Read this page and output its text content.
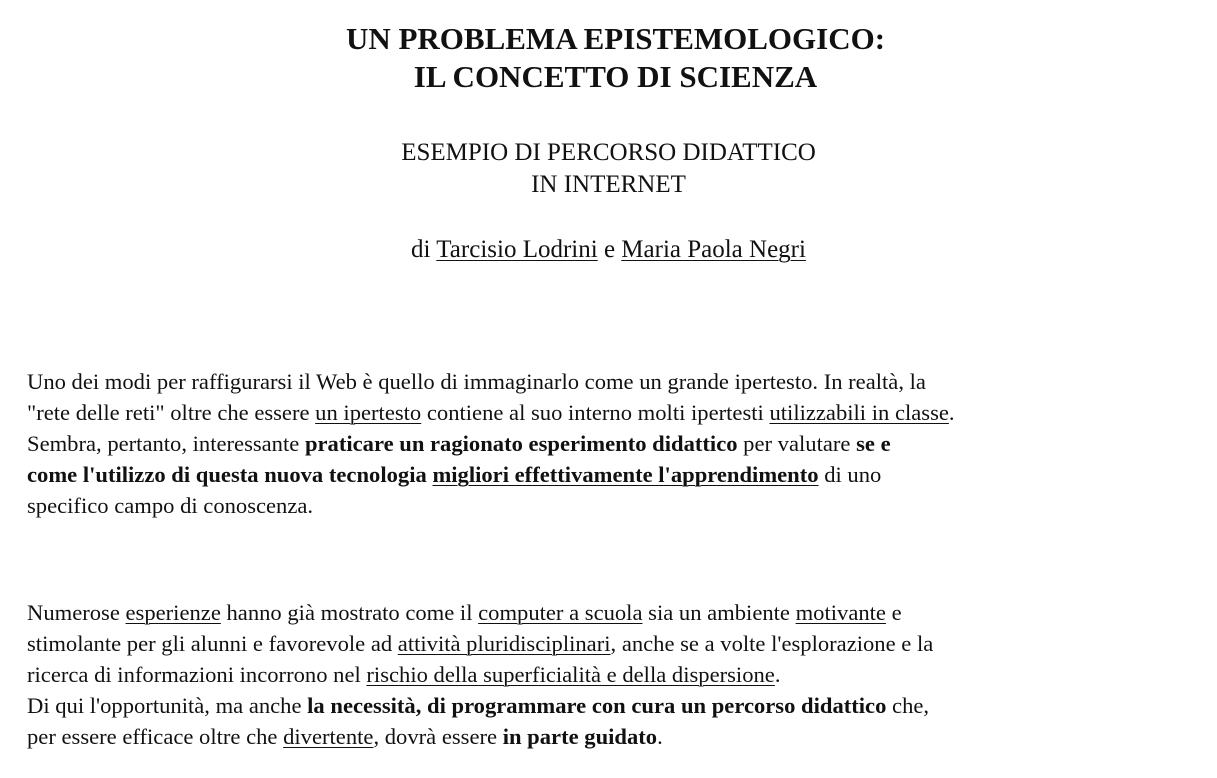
UN PROBLEMA EPISTEMOLOGICO:
IL CONCETTO DI SCIENZA
ESEMPIO DI PERCORSO DIDATTICO
IN INTERNET
di Tarcisio Lodrini e Maria Paola Negri
Uno dei modi per raffigurarsi il Web è quello di immaginarlo come un grande ipertesto. In realtà, la
"rete delle reti" oltre che essere un ipertesto contiene al suo interno molti ipertesti utilizzabili in classe.
Sembra, pertanto, interessante praticare un ragionato esperimento didattico per valutare se e
come l'utilizzo di questa nuova tecnologia migliori effettivamente l'apprendimento di uno
specifico campo di conoscenza.
Numerose esperienze hanno già mostrato come il computer a scuola sia un ambiente motivante e
stimolante per gli alunni e favorevole ad attività pluridisciplinari, anche se a volte l'esplorazione e la
ricerca di informazioni incorrono nel rischio della superficialità e della dispersione.
Di qui l'opportunità, ma anche la necessità, di programmare con cura un percorso didattico che,
per essere efficace oltre che divertente, dovrà essere in parte guidato.
